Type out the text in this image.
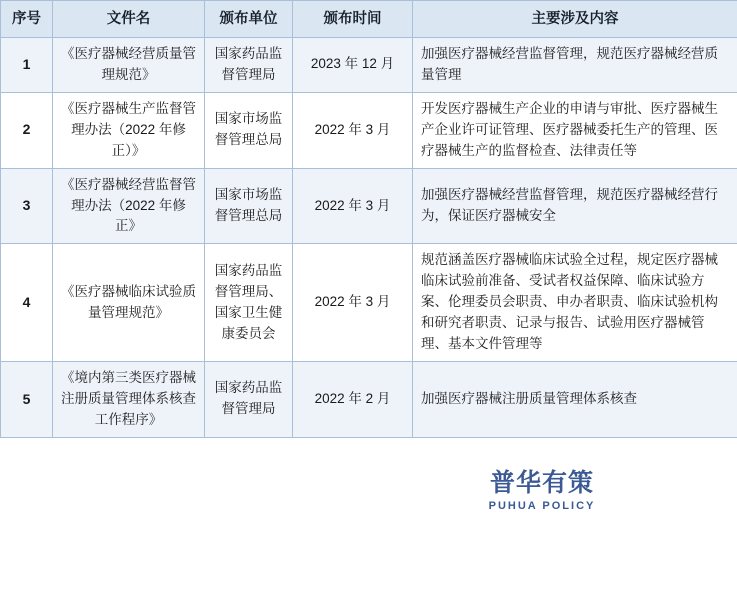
序号	文件名	颁布单位	颁布时间	主要涉及内容
1	《医疗器械经营质量管理规范》	国家药品监督管理局	2023 年 12 月	加强医疗器械经营监督管理，规范医疗器械经营质量管理
2	《医疗器械生产监督管理办法（2022 年修正）》	国家市场监督管理总局	2022 年 3 月	开发医疗器械生产企业的申请与审批、医疗器械生产企业许可证管理、医疗器械委托生产的管理、医疗器械生产的监督检查、法律责任等
3	《医疗器械经营监督管理办法（2022 年修正》	国家市场监督管理总局	2022 年 3 月	加强医疗器械经营监督管理，规范医疗器械经营行为，保证医疗器械安全
4	《医疗器械临床试验质量管理规范》	国家药品监督管理局、国家卫生健康委员会	2022 年 3 月	规范涵盖医疗器械临床试验全过程，规定医疗器械临床试验前准备、受试者权益保障、临床试验方案、伦理委员会职责、申办者职责、临床试验机构和研究者职责、记录与报告、试验用医疗器械管理、基本文件管理等
5	《境内第三类医疗器械注册质量管理体系核查工作程序》	国家药品监督管理局	2022 年 2 月	加强医疗器械注册质量管理体系核查
普华有策
PUHUA POLICY
